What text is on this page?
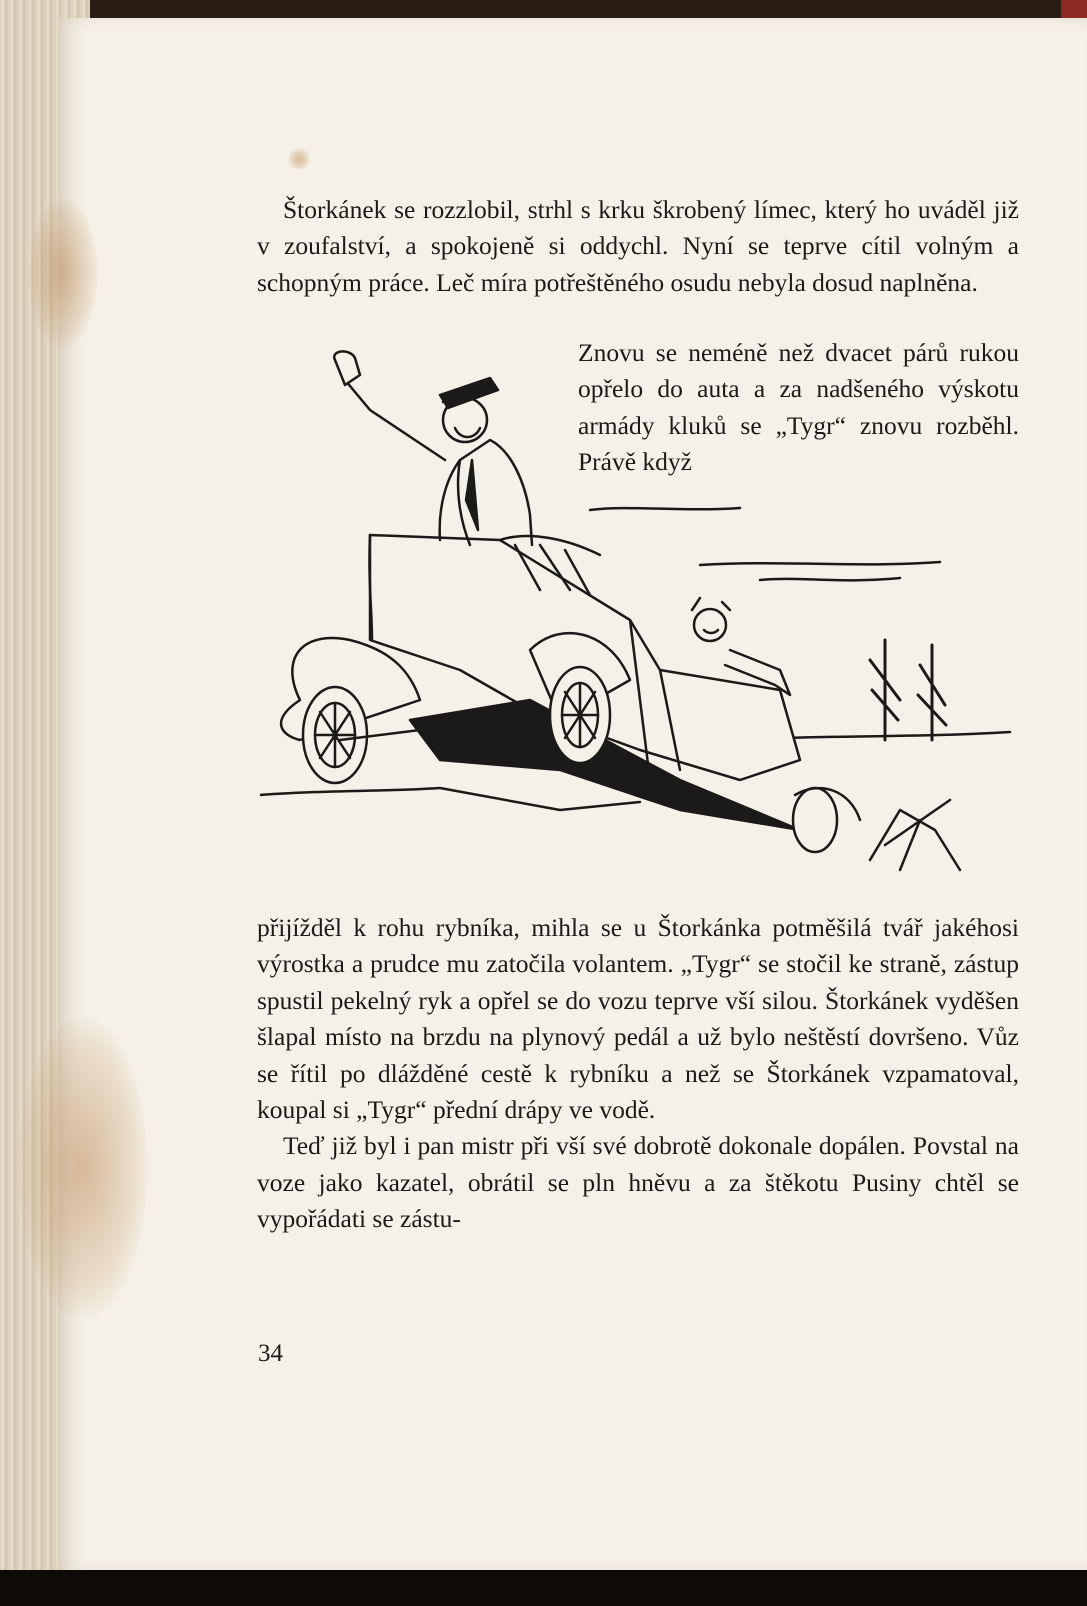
Štorkánek se rozzlobil, strhl s krku škrobený límec, který ho uváděl již v zoufalství, a spokojeně si oddychl. Nyní se teprve cítil volným a schopným práce. Leč míra potřeštěného osudu nebyla dosud naplněna.

Znovu se neméně než dvacet párů rukou opřelo do auta a za nadšeného výskotu armády kluků se „Tygr“ znovu rozběhl. Právě když

přijížděl k rohu rybníka, mihla se u Štorkánka potměšilá tvář jakéhosi výrostka a prudce mu zatočila volantem. „Tygr“ se stočil ke straně, zástup spustil pekelný ryk a opřel se do vozu teprve vší silou. Štorkánek vyděšen šlapal místo na brzdu na plynový pedál a už bylo neštěstí dovršeno. Vůz se řítil po dlážděné cestě k rybníku a než se Štorkánek vzpamatoval, koupal si „Tygr“ přední drápy ve vodě.

Teď již byl i pan mistr při vší své dobrotě dokonale dopálen. Povstal na voze jako kazatel, obrátil se pln hněvu a za štěkotu Pusiny chtěl se vypořádati se zástu-

34
